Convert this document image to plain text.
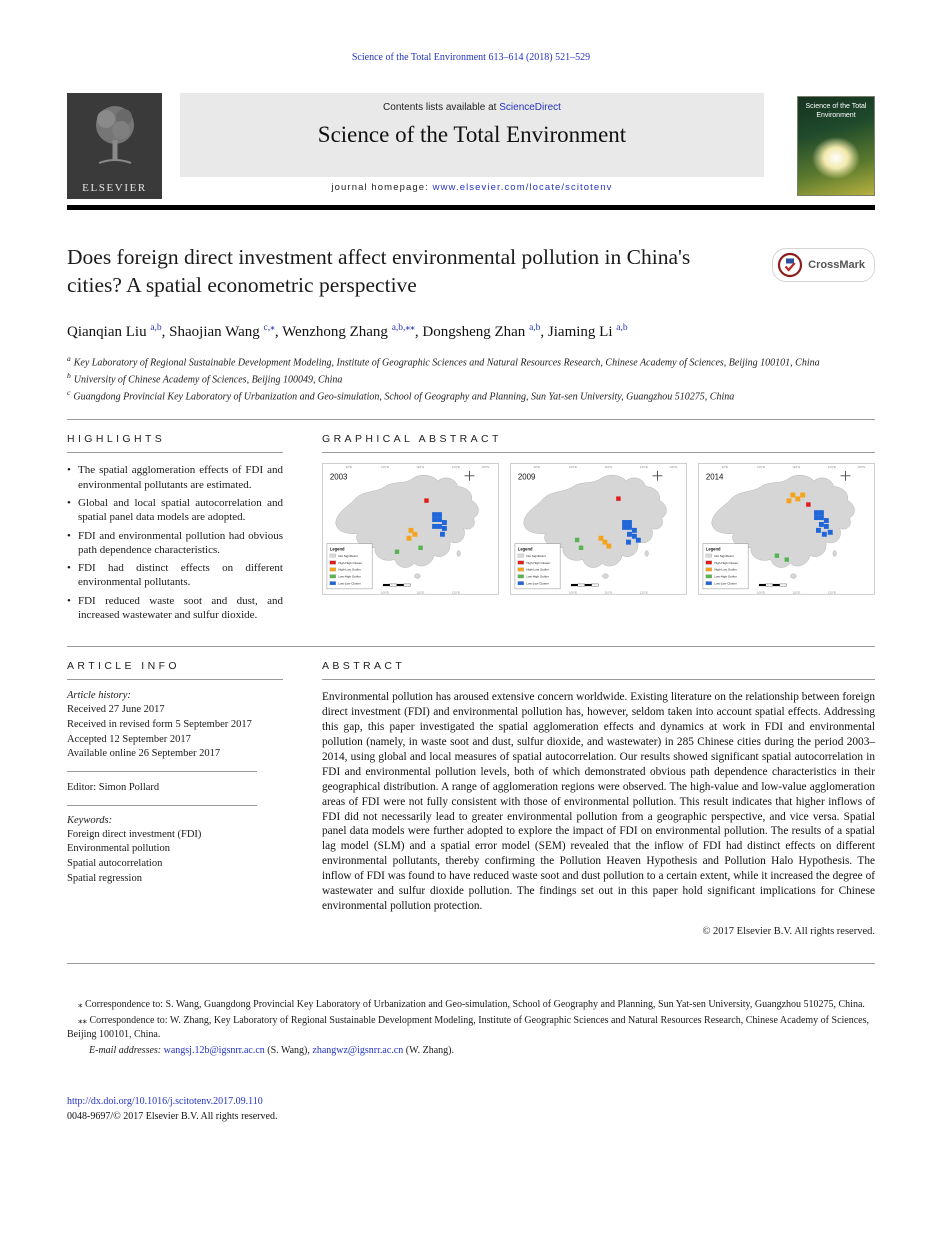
Science of the Total Environment 613–614 (2018) 521–529
ELSEVIER
Contents lists available at ScienceDirect
Science of the Total Environment
journal homepage: www.elsevier.com/locate/scitotenv
Science of the Total Environment
Does foreign direct investment affect environmental pollution in China's cities? A spatial econometric perspective
CrossMark
Qianqian Liu $^{a,b}$, Shaojian Wang $^{c,⁎}$, Wenzhong Zhang $^{a,b,⁎⁎}$, Dongsheng Zhan $^{a,b}$, Jiaming Li $^{a,b}$
$^a$ Key Laboratory of Regional Sustainable Development Modeling, Institute of Geographic Sciences and Natural Resources Research, Chinese Academy of Sciences, Beijing 100101, China
$^b$ University of Chinese Academy of Sciences, Beijing 100049, China
$^c$ Guangdong Provincial Key Laboratory of Urbanization and Geo-simulation, School of Geography and Planning, Sun Yat-sen University, Guangzhou 510275, China
HIGHLIGHTS
• The spatial agglomeration effects of FDI and environmental pollutants are estimated.
• Global and local spatial autocorrelation and spatial panel data models are adopted.
• FDI and environmental pollution had obvious path dependence characteristics.
• FDI had distinct effects on different environmental pollutants.
• FDI reduced waste soot and dust, and increased wastewater and sulfur dioxide.
GRAPHICAL ABSTRACT
90°E	100°E	110°E	120°E	130°E
100°E	110°E	120°E
2003
Legend
Not Significant
High-High Cluster
High-Low Outlier
Low-High Outlier
Low-Low Cluster
90°E	100°E	110°E	120°E	130°E
100°E	110°E	120°E
2009
Legend
Not Significant
High-High Cluster
High-Low Outlier
Low-High Outlier
Low-Low Cluster
90°E	100°E	110°E	120°E	130°E
100°E	110°E	120°E
2014
Legend
Not Significant
High-High Cluster
High-Low Outlier
Low-High Outlier
Low-Low Cluster
ARTICLE INFO
Article history:
Received 27 June 2017
Received in revised form 5 September 2017
Accepted 12 September 2017
Available online 26 September 2017
Editor: Simon Pollard
Keywords:
Foreign direct investment (FDI)
Environmental pollution
Spatial autocorrelation
Spatial regression
ABSTRACT

Environmental pollution has aroused extensive concern worldwide. Existing literature on the relationship between foreign direct investment (FDI) and environmental pollution has, however, seldom taken into account spatial effects. Addressing this gap, this paper investigated the spatial agglomeration effects and dynamics at work in FDI and environmental pollution (namely, in waste soot and dust, sulfur dioxide, and wastewater) in 285 Chinese cities during the period 2003–2014, using global and local measures of spatial autocorrelation. Our results showed significant spatial autocorrelation in FDI and environmental pollution levels, both of which demonstrated obvious path dependence characteristics in their geographical distribution. A range of agglomeration regions were observed. The high-value and low-value agglomeration areas of FDI were not fully consistent with those of environmental pollution. This result indicates that higher inflows of FDI did not necessarily lead to greater environmental pollution from a geographic perspective, and vice versa. Spatial panel data models were further adopted to explore the impact of FDI on environmental pollution. The results of a spatial lag model (SLM) and a spatial error model (SEM) revealed that the inflow of FDI had distinct effects on different environmental pollutants, thereby confirming the Pollution Heaven Hypothesis and Pollution Halo Hypothesis. The inflow of FDI was found to have reduced waste soot and dust pollution to a certain extent, while it increased the degree of wastewater and sulfur dioxide pollution. The findings set out in this paper hold significant implications for Chinese environmental pollution protection.

© 2017 Elsevier B.V. All rights reserved.

⁎ Correspondence to: S. Wang, Guangdong Provincial Key Laboratory of Urbanization and Geo-simulation, School of Geography and Planning, Sun Yat-sen University, Guangzhou 510275, China.

⁎⁎ Correspondence to: W. Zhang, Key Laboratory of Regional Sustainable Development Modeling, Institute of Geographic Sciences and Natural Resources Research, Chinese Academy of Sciences, Beijing 100101, China.

E-mail addresses: wangsj.12b@igsnrr.ac.cn (S. Wang), zhangwz@igsnrr.ac.cn (W. Zhang).

http://dx.doi.org/10.1016/j.scitotenv.2017.09.110
0048-9697/© 2017 Elsevier B.V. All rights reserved.
